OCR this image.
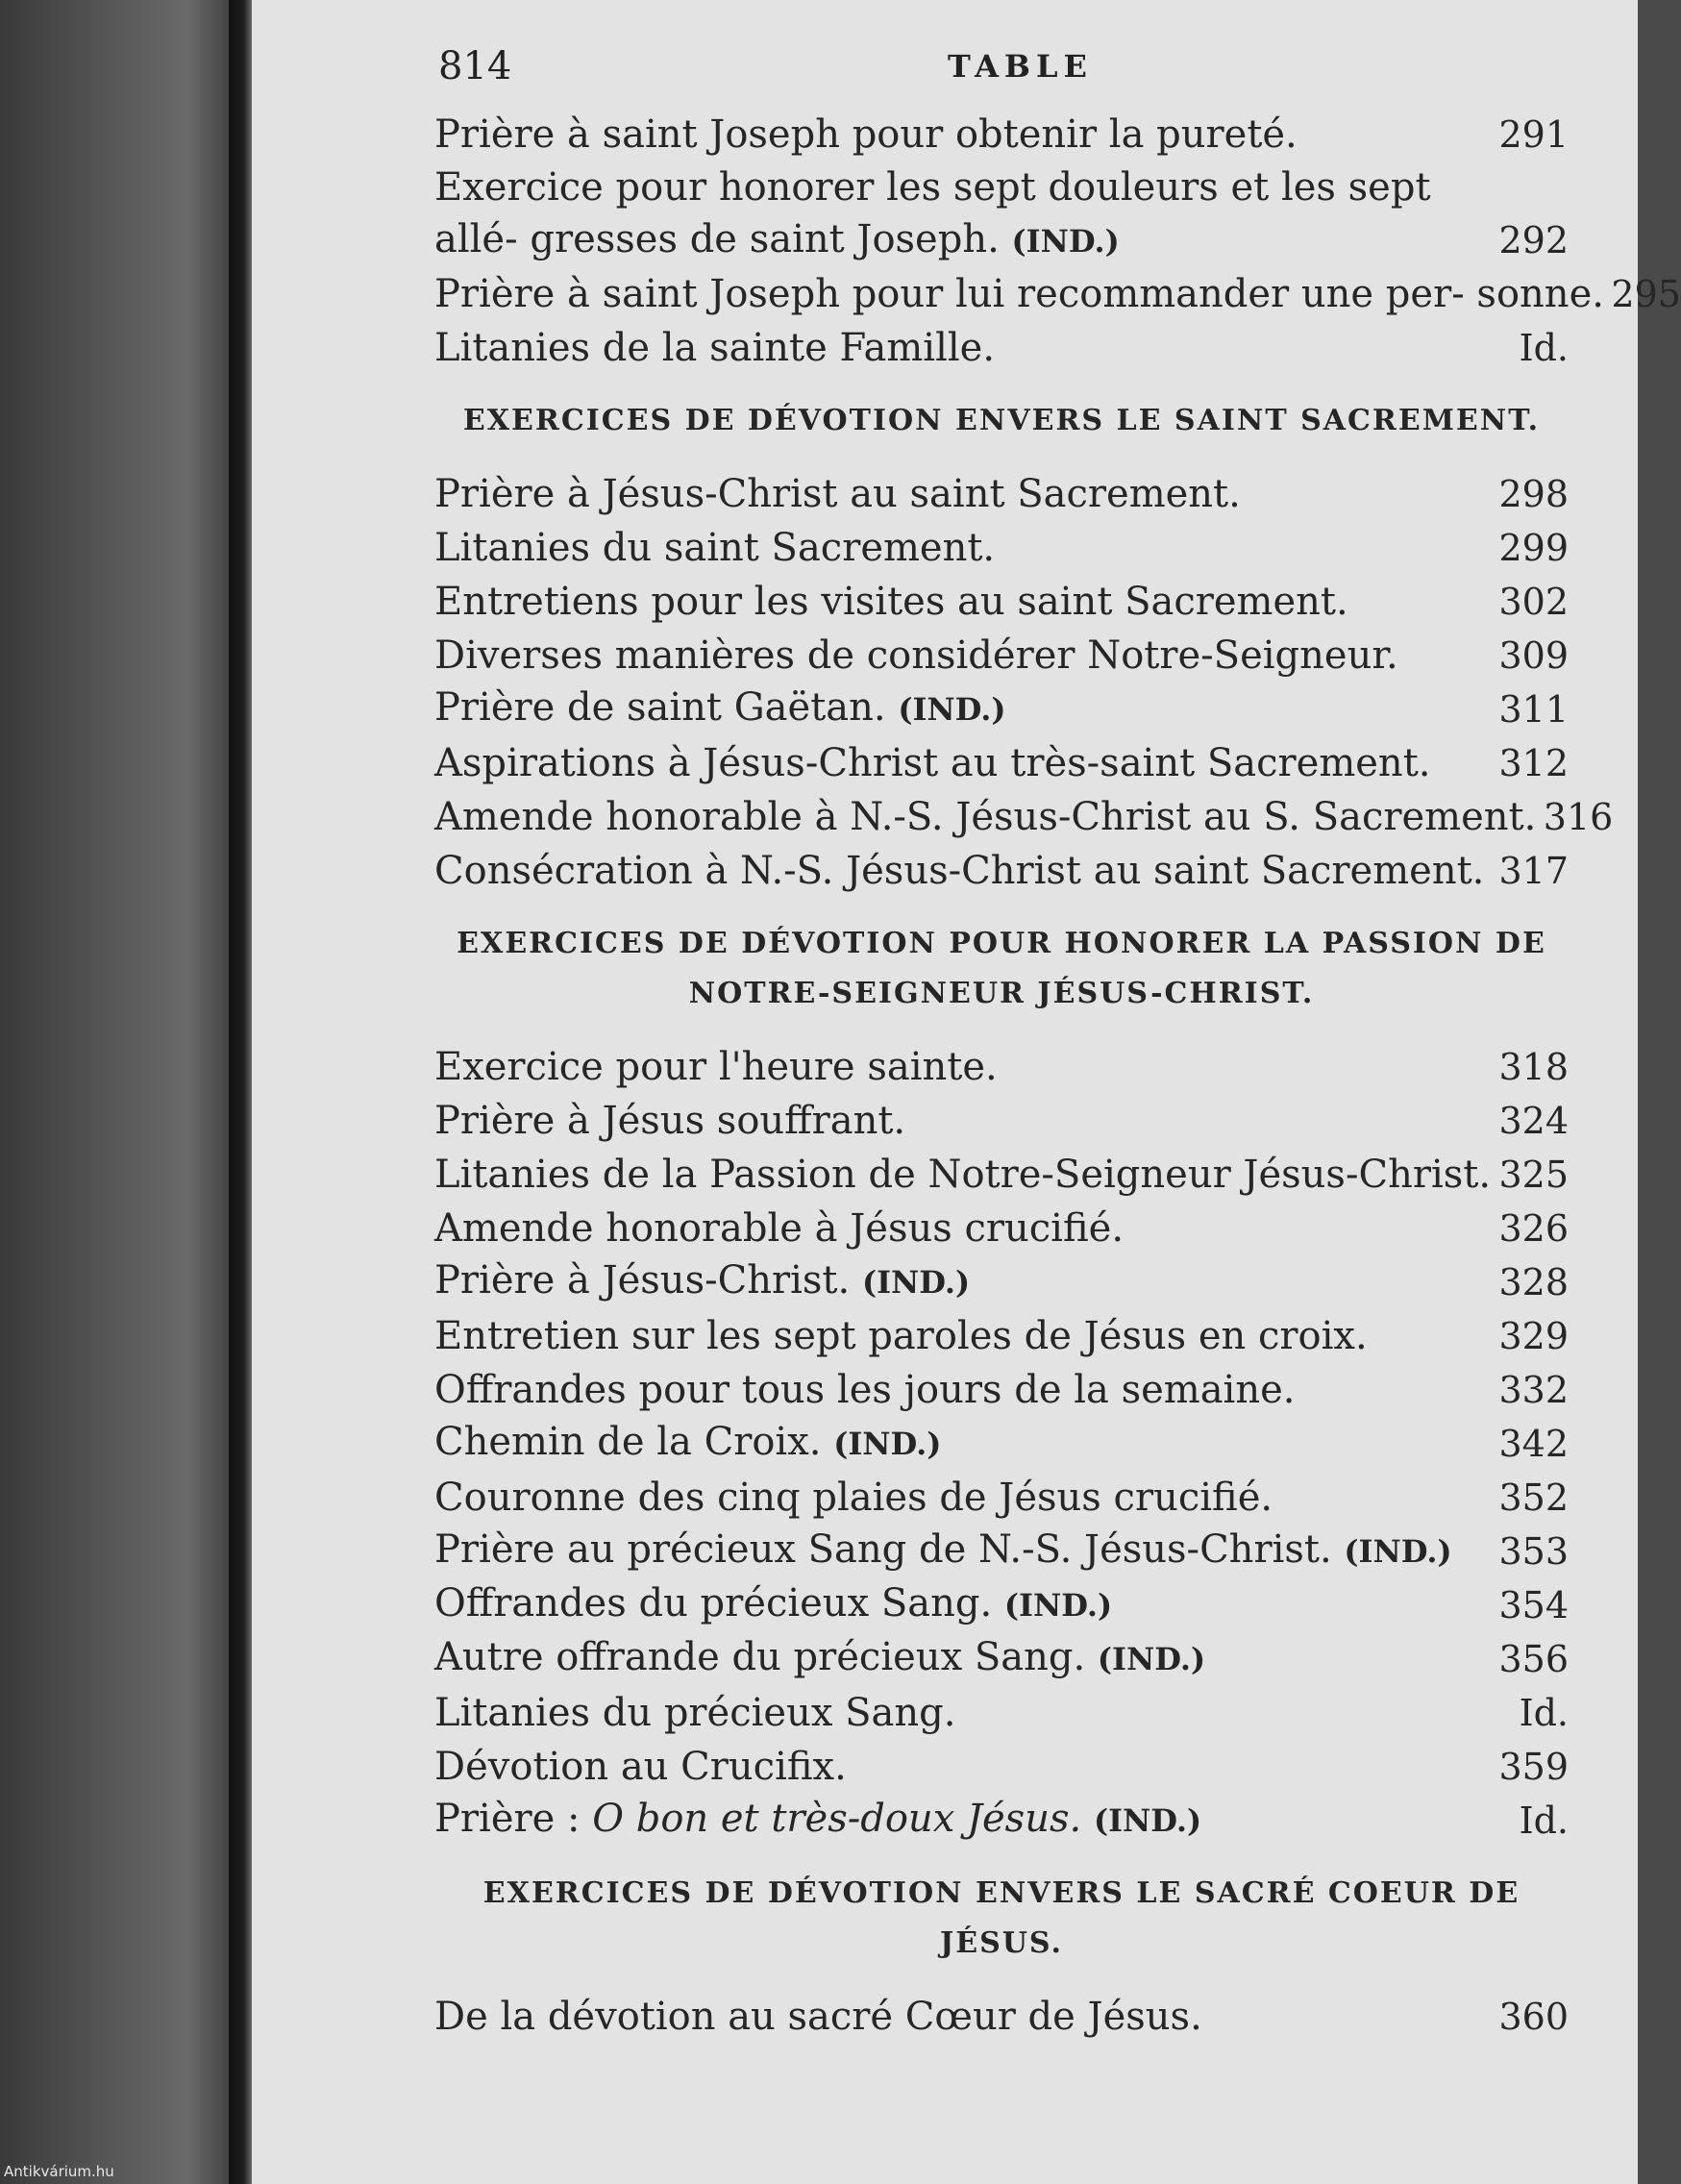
Antikvárium.hu
814	TABLE
Prière à saint Joseph pour obtenir la pureté.	291
Exercice pour honorer les sept douleurs et les sept allé- gresses de saint Joseph. (IND.)	292
Prière à saint Joseph pour lui recommander une per- sonne. 295
Litanies de la sainte Famille.	Id.
EXERCICES DE DÉVOTION ENVERS LE SAINT SACREMENT.
Prière à Jésus-Christ au saint Sacrement.	298
Litanies du saint Sacrement.	299
Entretiens pour les visites au saint Sacrement.	302
Diverses manières de considérer Notre-Seigneur.	309
Prière de saint Gaëtan. (IND.)	311
Aspirations à Jésus-Christ au très-saint Sacrement. 312
Amende honorable à N.-S. Jésus-Christ au S. Sacrement. 316
Consécration à N.-S. Jésus-Christ au saint Sacrement. 317
EXERCICES DE DÉVOTION POUR HONORER LA PASSION DE NOTRE-SEIGNEUR JÉSUS-CHRIST.
Exercice pour l'heure sainte.	318
Prière à Jésus souffrant.	324
Litanies de la Passion de Notre-Seigneur Jésus-Christ. 325
Amende honorable à Jésus crucifié.	326
Prière à Jésus-Christ. (IND.)	328
Entretien sur les sept paroles de Jésus en croix.	329
Offrandes pour tous les jours de la semaine.	332
Chemin de la Croix. (IND.)	342
Couronne des cinq plaies de Jésus crucifié.	352
Prière au précieux Sang de N.-S. Jésus-Christ. (IND.) 353
Offrandes du précieux Sang. (IND.)	354
Autre offrande du précieux Sang. (IND.)	356
Litanies du précieux Sang.	Id.
Dévotion au Crucifix.	359
Prière : O bon et très-doux Jésus. (IND.)	Id.
EXERCICES DE DÉVOTION ENVERS LE SACRÉ COEUR DE JÉSUS.
De la dévotion au sacré Cœur de Jésus.	360
